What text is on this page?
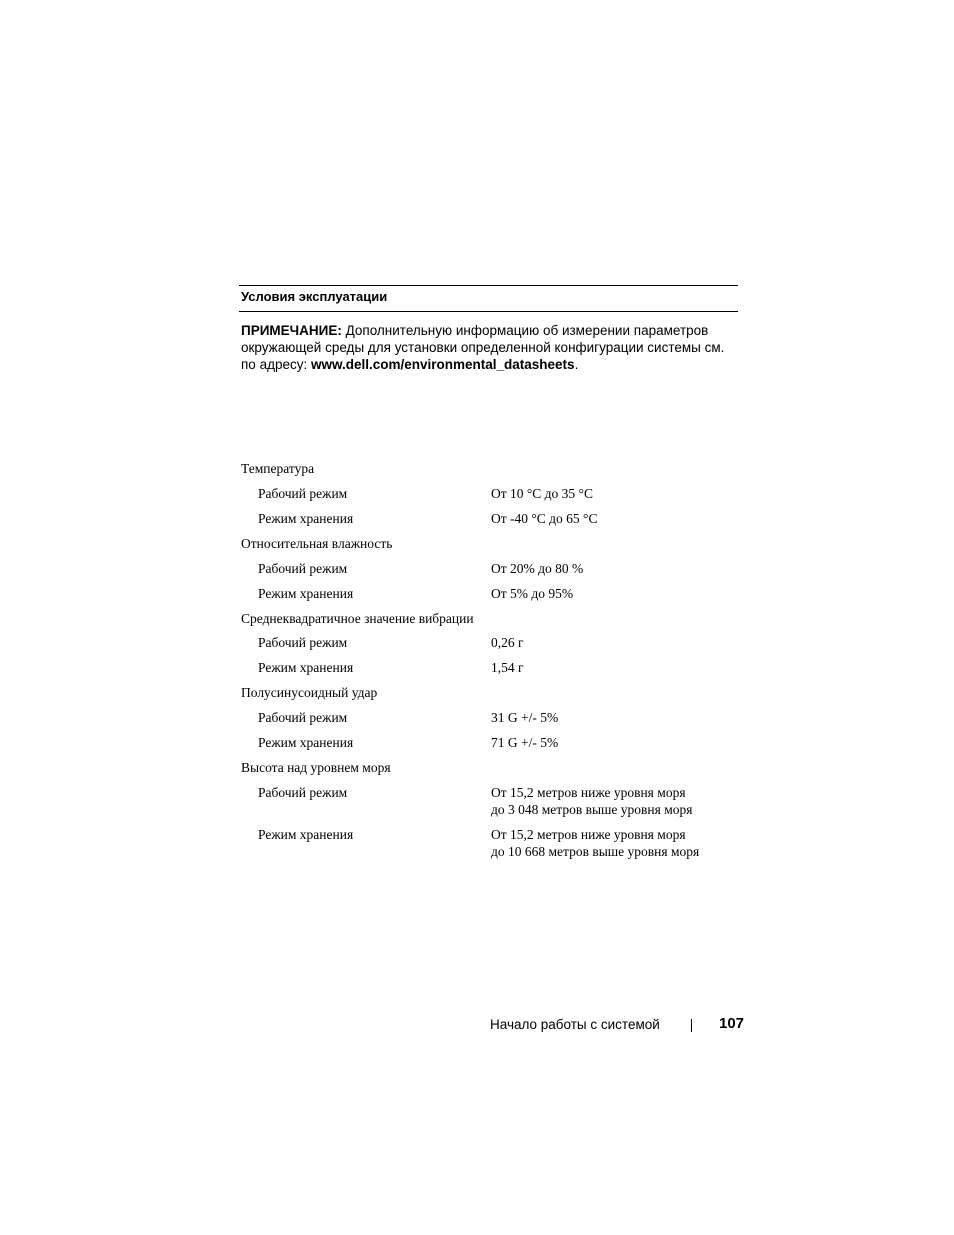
Условия эксплуатации
ПРИМЕЧАНИЕ: Дополнительную информацию об измерении параметров окружающей среды для установки определенной конфигурации системы см. по адресу: www.dell.com/environmental_datasheets.
Температура
Рабочий режим	От 10 °C до 35 °C
Режим хранения	От -40 °C до 65 °C
Относительная влажность
Рабочий режим	От 20% до 80 %
Режим хранения	От 5% до 95%
Среднеквадратичное значение вибрации
Рабочий режим	0,26 г
Режим хранения	1,54 г
Полусинусоидный удар
Рабочий режим	31 G +/- 5%
Режим хранения	71 G +/- 5%
Высота над уровнем моря
Рабочий режим	От 15,2 метров ниже уровня моря
до 3 048 метров выше уровня моря
Режим хранения	От 15,2 метров ниже уровня моря
до 10 668 метров выше уровня моря
Начало работы с системой	107
